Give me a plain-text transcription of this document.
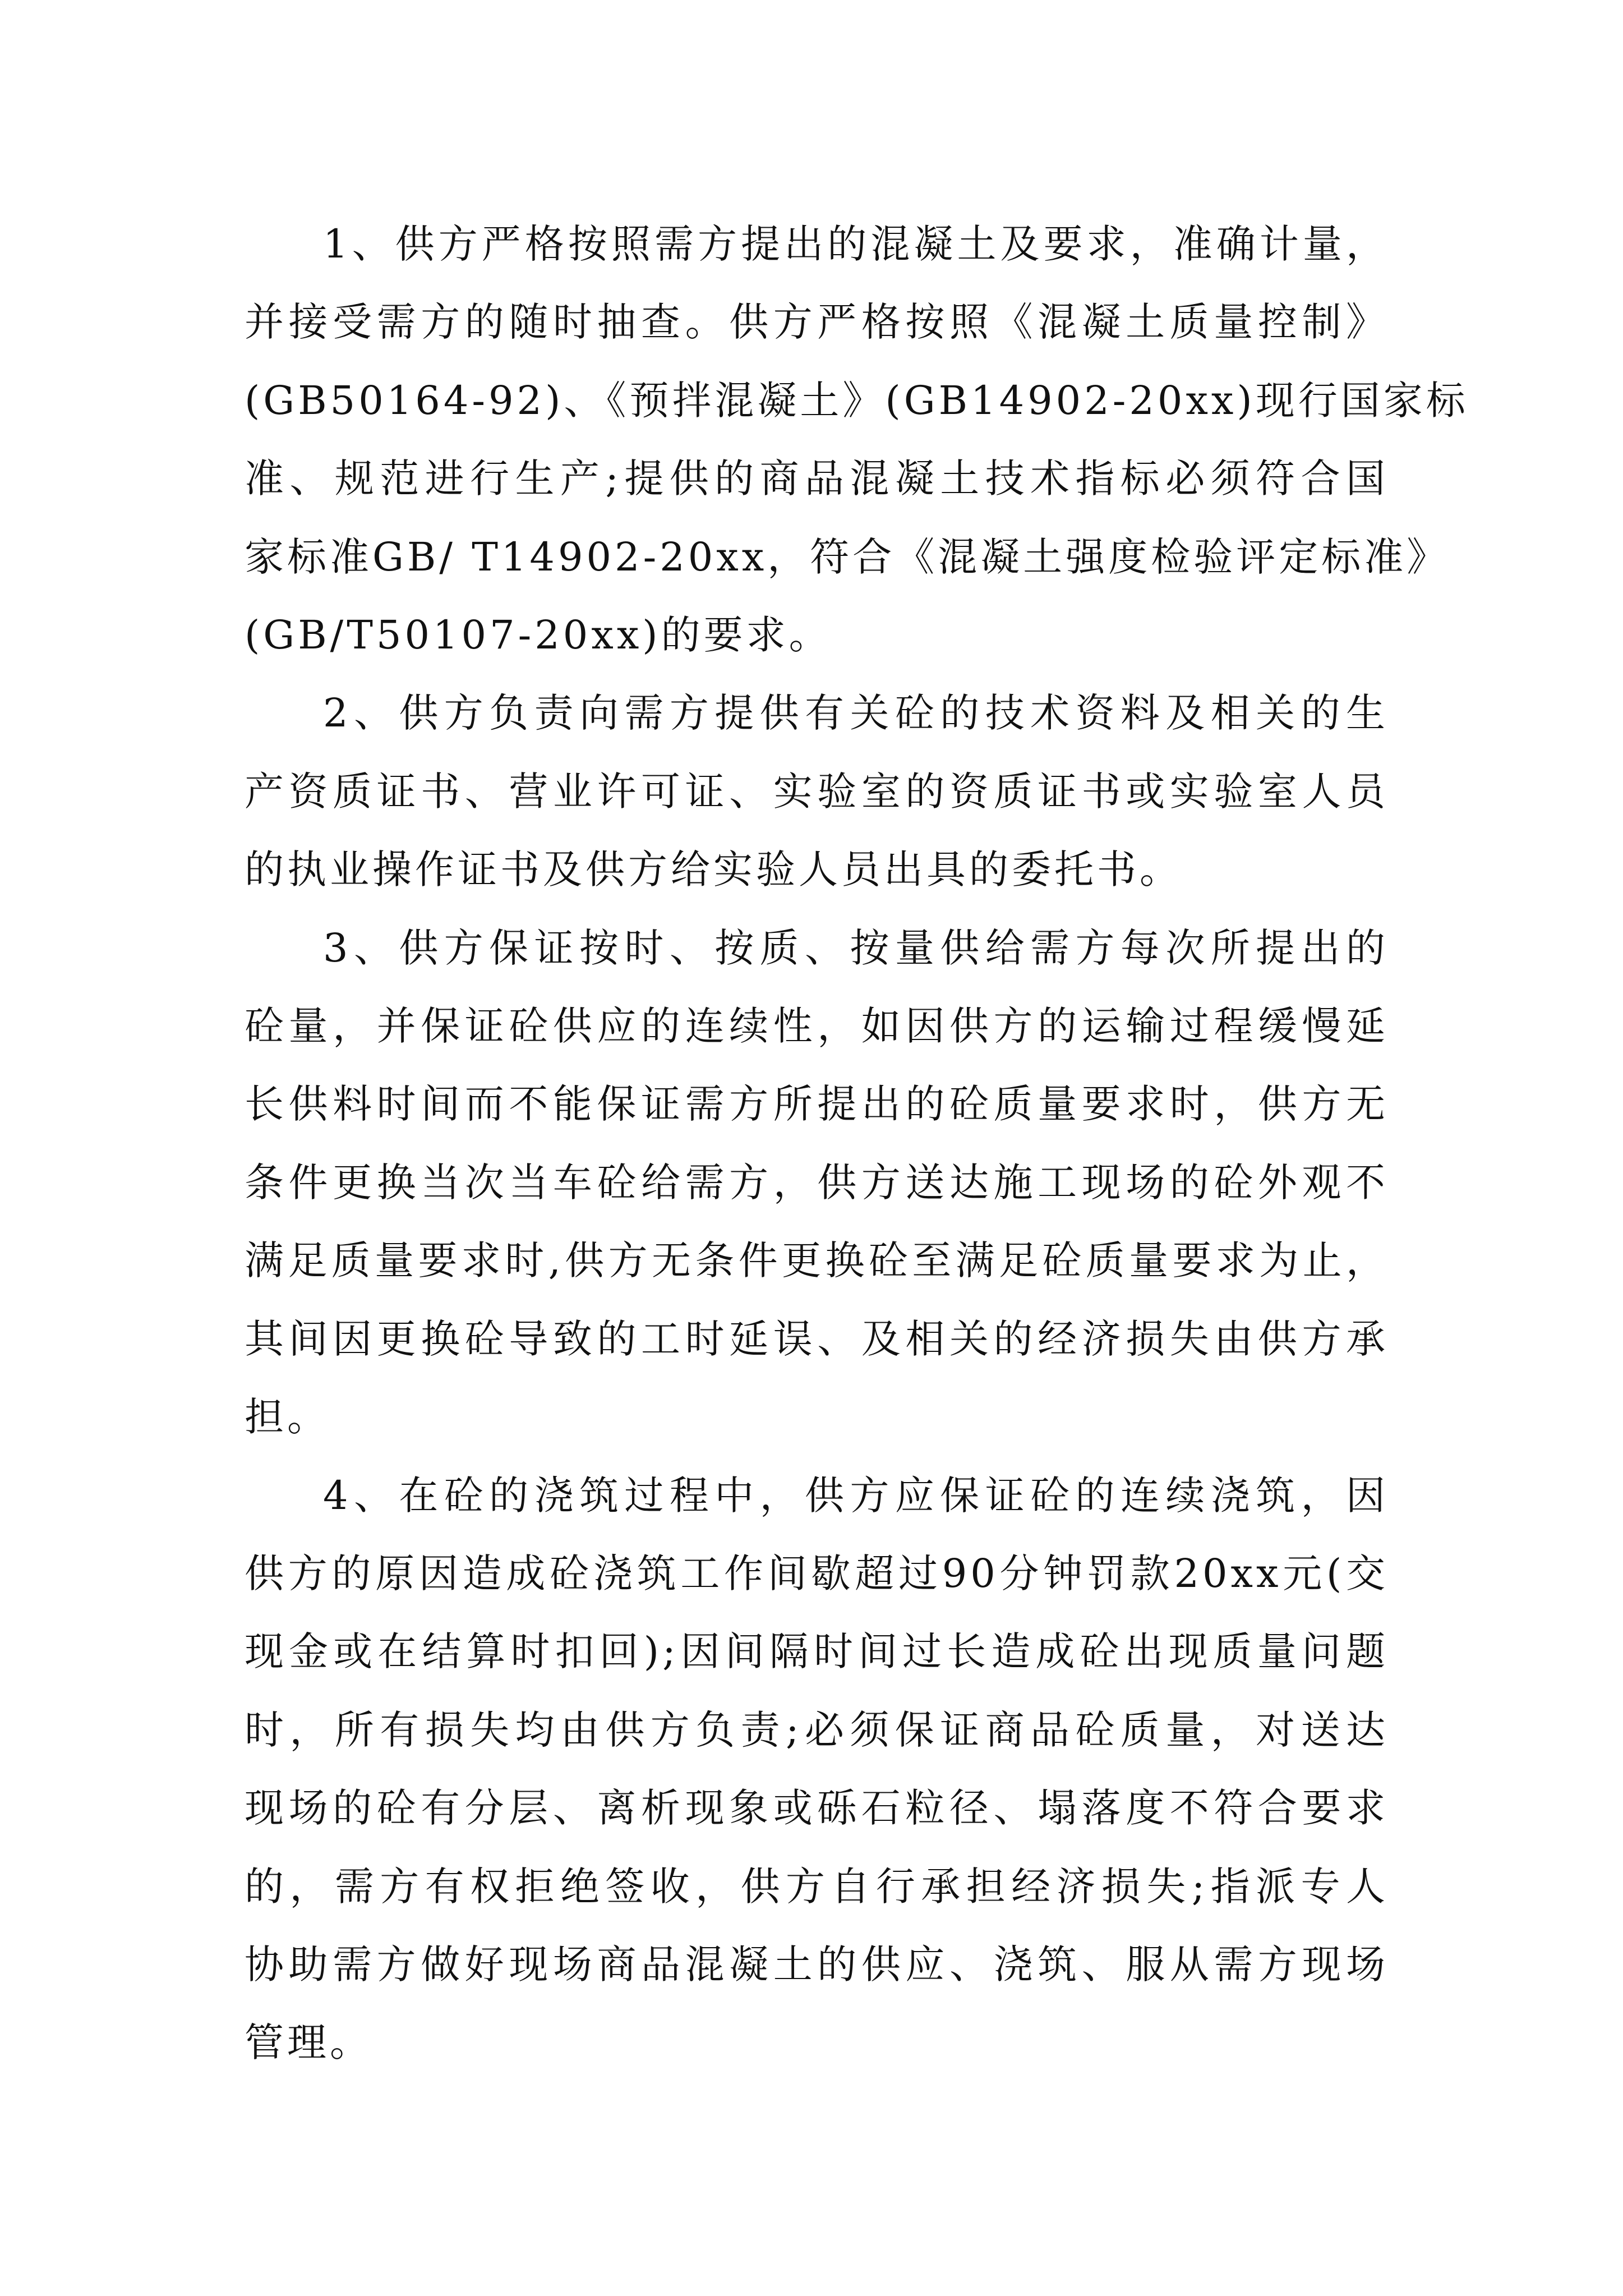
1、供方严格按照需方提出的混凝土及要求，准确计量，
并接受需方的随时抽查。供方严格按照《混凝土质量控制》
(GB50164-92)、《预拌混凝土》(GB14902-20xx)现行国家标
准、规范进行生产;提供的商品混凝土技术指标必须符合国
家标准GB/ T14902-20xx，符合《混凝土强度检验评定标准》
(GB/T50107-20xx)的要求。
2、供方负责向需方提供有关砼的技术资料及相关的生
产资质证书、营业许可证、实验室的资质证书或实验室人员
的执业操作证书及供方给实验人员出具的委托书。
3、供方保证按时、按质、按量供给需方每次所提出的
砼量，并保证砼供应的连续性，如因供方的运输过程缓慢延
长供料时间而不能保证需方所提出的砼质量要求时，供方无
条件更换当次当车砼给需方，供方送达施工现场的砼外观不
满足质量要求时,供方无条件更换砼至满足砼质量要求为止，
其间因更换砼导致的工时延误、及相关的经济损失由供方承
担。
4、在砼的浇筑过程中，供方应保证砼的连续浇筑，因
供方的原因造成砼浇筑工作间歇超过90分钟罚款20xx元(交
现金或在结算时扣回);因间隔时间过长造成砼出现质量问题
时，所有损失均由供方负责;必须保证商品砼质量，对送达
现场的砼有分层、离析现象或砾石粒径、塌落度不符合要求
的，需方有权拒绝签收，供方自行承担经济损失;指派专人
协助需方做好现场商品混凝土的供应、浇筑、服从需方现场
管理。
